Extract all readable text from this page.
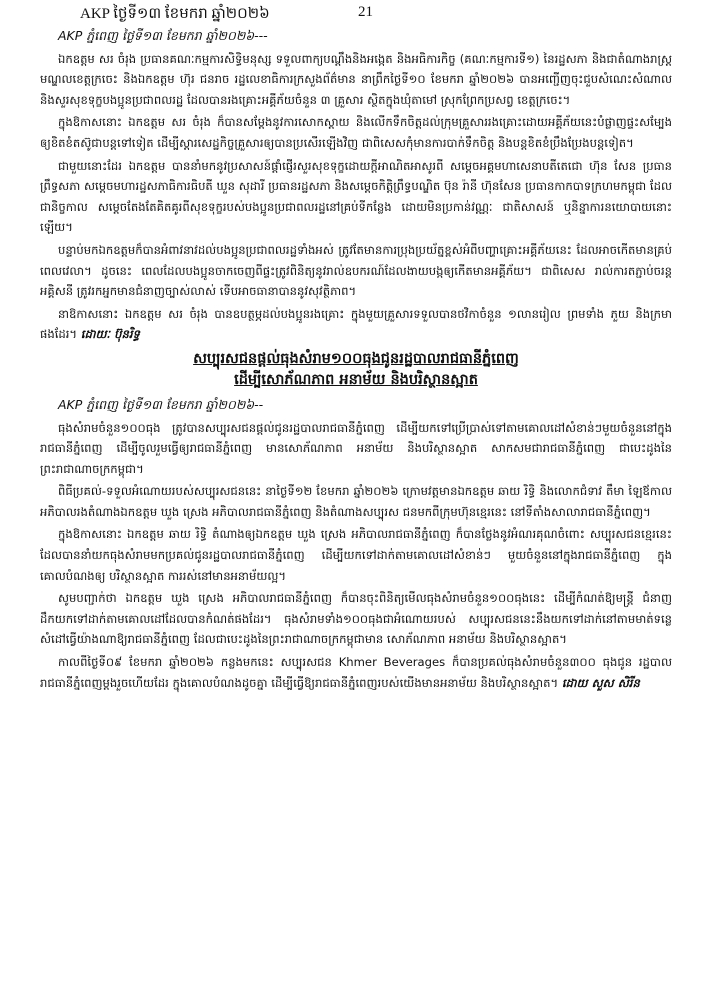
AKP ថ្ងៃទី១៣ ខែមករា ឆ្នាំ២០២៦	21

AKP ភ្នំពេញ ថ្ងៃទី១៣ ខែមករា ឆ្នាំ២០២៦---

ឯកឧត្តម សរ ចំរុង ប្រធានគណៈកម្មការសិទ្ធិមនុស្ស ទទួលពាក្យបណ្តឹងនិងអង្កេត និងអធិការកិច្ច (គណៈកម្មការទី១) នៃរដ្ឋសភា និងជាតំណាងរាស្រ្តមណ្ឌលខេត្តក្រចេះ និងឯកឧត្តម ហ៊ុរ ជនរាច រដ្ឋលេខាធិការក្រសួងព័ត៌មាន នាព្រឹកថ្ងៃទី១០ ខែមករា ឆ្នាំ២០២៦ បានអញ្ជើញចុះជួបសំណេះសំណាល និងសួរសុខទុក្ខបងប្អូនប្រជាពលរដ្ឋ ដែលបានរងគ្រោះអគ្គីភ័យចំនួន ៣ គ្រួសារ ស្ថិតក្នុងឃុំតាមៅ ស្រុកព្រែកប្រសព្វ ខេត្តក្រចេះ។

ក្នុងឱកាសនោះ ឯកឧត្តម សរ ចំរុង ក៏បានសម្តែងនូវការសោកស្តាយ និងលើកទឹកចិត្តដល់ក្រុមគ្រួសាររងគ្រោះដោយអគ្គីភ័យនេះបំផ្លាញផ្ទះសម្បែង ឲ្យខិតខំតស៊ូជាបន្តទៅទៀត ដើម្បីស្តារសេដ្ឋកិច្ចគ្រួសារឲ្យបានប្រសើរឡើងវិញ ជាពិសេសកុំមានការបាក់ទឹកចិត្ត និងបន្តខិតខំប្រឹងប្រែងបន្តទៀត។

ជាមួយនោះដែរ ឯកឧត្តម បាននាំមកនូវប្រសាសន៍ផ្តាំផ្ញើរសួរសុខទុក្ខដោយក្តីអាណិតអាសូរពី សម្តេចអគ្គមហាសេនាបតីតេជោ ហ៊ុន សែន ប្រធានព្រឹទ្ធសភា សម្តេចមហារដ្ឋសភាធិការធិបតី ឃួន សុដារី ប្រធានរដ្ឋសភា និងសម្តេចកិត្តិព្រឹទ្ធបណ្ឌិត ប៊ុន រ៉ានី ហ៊ុនសែន ប្រធានកាកបាទក្រហមកម្ពុជា ដែលជានិច្ចកាល សម្តេចតែងតែគិតគូរពីសុខទុក្ខរបស់បងប្អូនប្រជាពលរដ្ឋនៅគ្រប់ទីកន្លែង ដោយមិនប្រកាន់វណ្ណៈ ជាតិសាសន៍ ឬនិន្នាការនយោបាយនោះឡើយ។

បន្ទាប់មកឯកឧត្តមក៏បានអំពាវនាវដល់បងប្អូនប្រជាពលរដ្ឋទាំងអស់ ត្រូវតែមានការប្រុងប្រយ័ត្នខ្ពស់អំពីបញ្ហាគ្រោះអគ្គីភ័យនេះ ដែលអាចកើតមានគ្រប់ពេលវេលា។ ដូចនេះ ពេលដែលបងប្អូនចាកចេញពីផ្ទះត្រូវពិនិត្យនូវរាល់ឧបករណ៍ដែលងាយបង្កឲ្យកើតមានអគ្គីភ័យ។ ជាពិសេស រាល់ការតភ្ជាប់ចរន្តអគ្គិសនី ត្រូវរកអ្នកមានជំនាញច្បាស់លាស់ ទើបអាចធានាបាននូវសុវត្ថិភាព។

នាឱកាសនោះ ឯកឧត្តម សរ ចំរុង បានឧបត្ថម្ភដល់បងប្អូនរងគ្រោះ ក្នុងមួយគ្រួសារទទួលបានថវិកាចំនួន ១លានរៀល ព្រមទាំង ភួយ និងក្រមាផងដែរ។ ដោយៈ ប៊ុនរិទ្ធ

សប្បុរសជនផ្តល់ធុងសំរាម១០០ធុងជូនរដ្ឋបាលរាជធានីភ្នំពេញ
ដើម្បីសោភ័ណភាព អនាម័យ និងបរិស្ថានស្អាត

AKP ភ្នំពេញ ថ្ងៃទី១៣ ខែមករា ឆ្នាំ២០២៦--

ធុងសំរាមចំនួន១០០ធុង ត្រូវបានសប្បុរសជនផ្តល់ជូនរដ្ឋបាលរាជធានីភ្នំពេញ ដើម្បីយកទៅប្រើប្រាស់ទៅតាមគោលដៅសំខាន់ៗមួយចំនួននៅក្នុងរាជធានីភ្នំពេញ ដើម្បីចូលរួមធ្វើឲ្យរាជធានីភ្នំពេញ មានសោភ័ណភាព អនាម័យ និងបរិស្ថានស្អាត សាកសមជារាជធានីភ្នំពេញ ជាបេះដូងនៃព្រះរាជាណាចក្រកម្ពុជា។

ពិធីប្រគល់-ទទួលអំណោយរបស់សប្បុរសជននេះ នាថ្ងៃទី១២ ខែមករា ឆ្នាំ២០២៦ ក្រោមវត្តមានឯកឧត្តម ឆាយ រិទ្ធិ និងលោកជំទាវ តឹមា ឡៃឪកាល អភិបាលរងតំណាងឯកឧត្តម ឃួង ស្រេង អភិបាលរាជធានីភ្នំពេញ និងតំណាងសប្បុរស ជនមកពីក្រុមហ៊ុនខ្មេរនេះ នៅទីតាំងសាលារាជធានីភ្នំពេញ។

ក្នុងឱកាសនោះ ឯកឧត្តម ឆាយ រិទ្ធិ តំណាងឲ្យឯកឧត្តម ឃួង ស្រេង អភិបាលរាជធានីភ្នំពេញ ក៏បានថ្លែងនូវអំណរគុណចំពោះ សប្បុរសជនខ្មេរនេះ ដែលបាននាំយកធុងសំរាមមកប្រគល់ជូនរដ្ឋបាលរាជធានីភ្នំពេញ ដើម្បីយកទៅដាក់តាមគោលដៅសំខាន់ៗ មួយចំនួននៅក្នុងរាជធានីភ្នំពេញ ក្នុងគោលបំណងឲ្យ បរិស្ថានស្អាត ការរស់នៅមានអនាម័យល្អ។

សូមបញ្ជាក់ថា ឯកឧត្តម ឃួង ស្រេង អភិបាលរាជធានីភ្នំពេញ ក៏បានចុះពិនិត្យមើលធុងសំរាមចំនួន១០០ធុងនេះ ដើម្បីកំណត់ឱ្យមន្ត្រី ជំនាញ ដឹកយកទៅដាក់តាមគោលដៅដែលបានកំណត់ផងដែរ។ ធុងសំរាមទាំង១០០ធុងជាអំណោយរបស់ សប្បុរសជននេះនឹងយកទៅដាក់នៅតាមមាត់ទន្លេ សំដៅធ្វើយ៉ាងណាឱ្យរាជធានីភ្នំពេញ ដែលជាបេះដូងនៃព្រះរាជាណាចក្រកម្ពុជាមាន សោភ័ណភាព អនាម័យ និងបរិស្ថានស្អាត។

កាលពីថ្ងៃទី០៩ ខែមករា ឆ្នាំ២០២៦ កន្លងមកនេះ សប្បុរសជន Khmer Beverages ក៏បានប្រគល់ធុងសំរាមចំនួន៣០០ ធុងជូន រដ្ឋបាលរាជធានីភ្នំពេញម្តងរួចហើយដែរ ក្នុងគោលបំណងដូចគ្នា ដើម្បីធ្វើឱ្យរាជធានីភ្នំពេញរបស់យើងមានអនាម័យ និងបរិស្ថានស្អាត។ ដោយ សួស សិរីន
